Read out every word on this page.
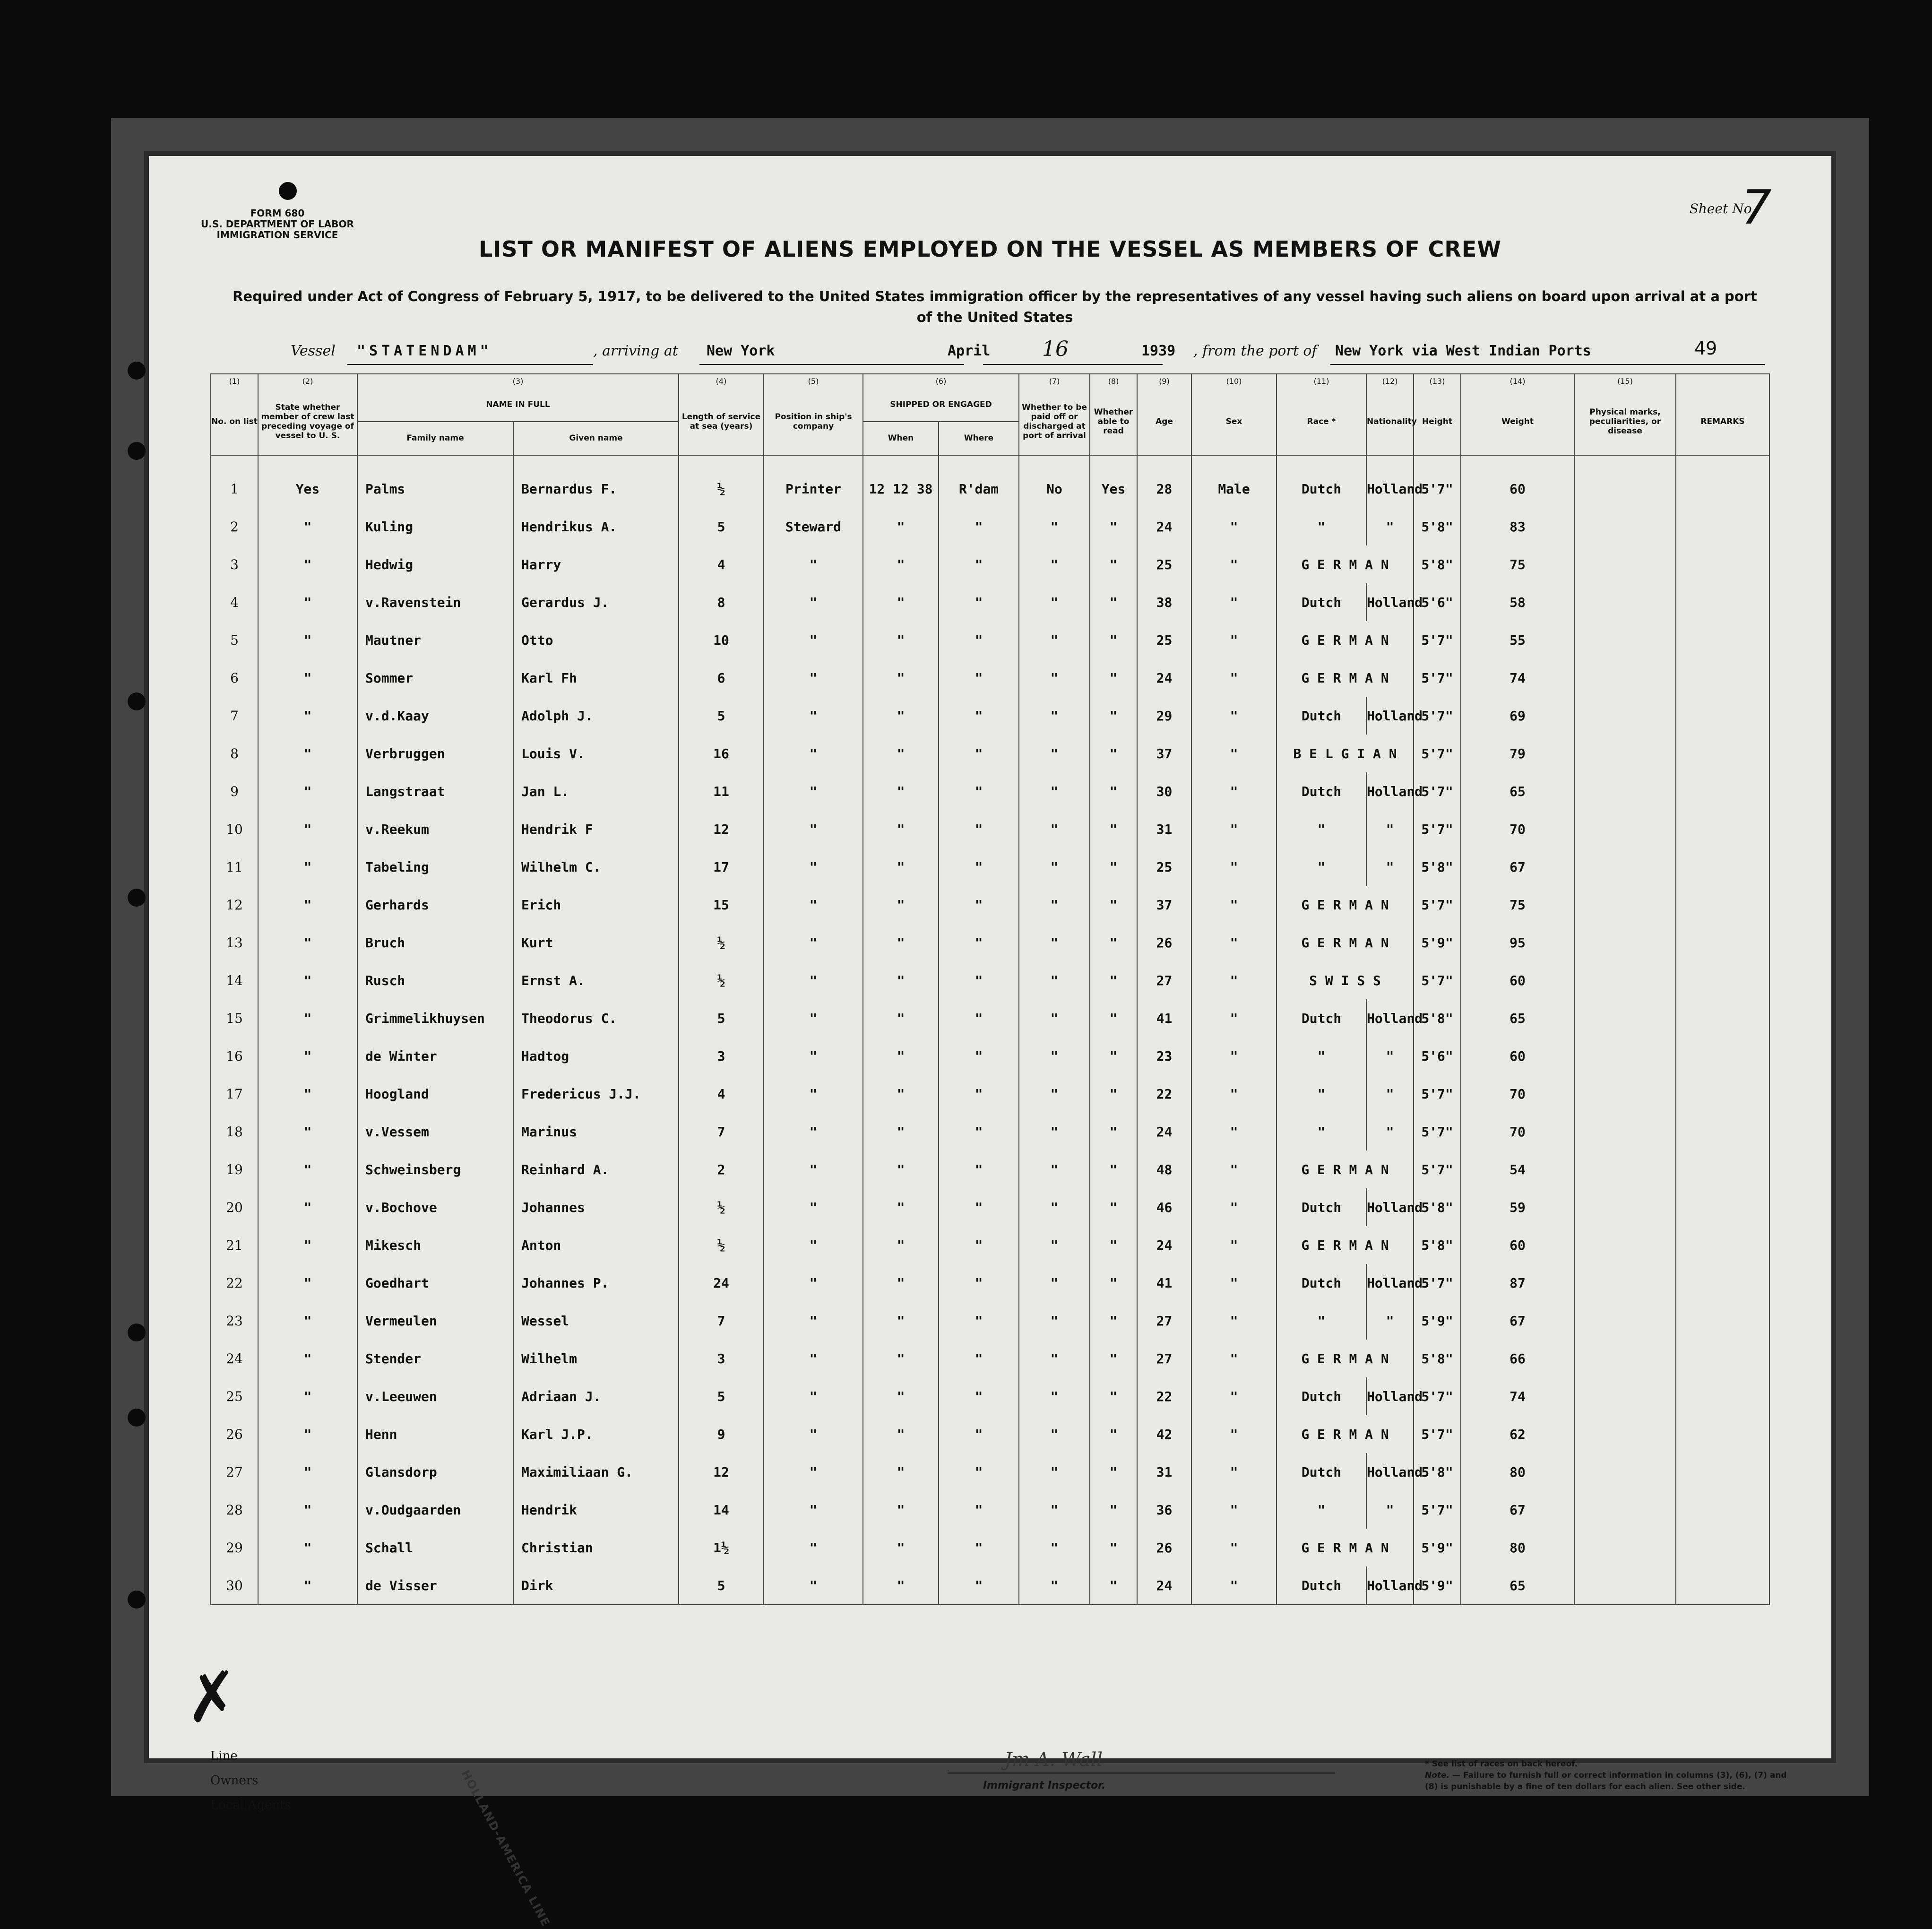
FORM 680
U.S. DEPARTMENT OF LABOR
IMMIGRATION SERVICE
Sheet No.
7
LIST OR MANIFEST OF ALIENS EMPLOYED ON THE VESSEL AS MEMBERS OF CREW
Required under Act of Congress of February 5, 1917, to be delivered to the United States immigration officer by the representatives of any vessel having such aliens on board upon arrival at a port of the United States
Vessel "STATENDAM"	, arriving at New York	April 16	1939 , from the port of New York via West Indian Ports	49
(1)	(2)	(3)		(4)	(5)	(6)		(7)	(8)	(9)	(10)	(11)	(12)	(13)	(14)	(15)	
No. on list	State whether member of crew last preceding voyage of vessel to U. S.	NAME IN FULL		Length of service at sea (years)	Position in ship's company	SHIPPED OR ENGAGED		Whether to be paid off or discharged at port of arrival	Whether able to read	Age	Sex	Race *	Nationality	Height	Weight	Physical marks, peculiarities, or disease	REMARKS
		Family name	Given name			When	Where										
1	Yes	Palms	Bernardus F.	½	Printer	12 12 38	R'dam	No	Yes	28	Male	Dutch	Holland	5'7"	60		
2	"	Kuling	Hendrikus A.	5	Steward	"	"	"	"	24	"	"	"	5'8"	83		
3	"	Hedwig	Harry	4	"	"	"	"	"	25	"	G E R M A N		5'8"	75		
4	"	v.Ravenstein	Gerardus J.	8	"	"	"	"	"	38	"	Dutch	Holland	5'6"	58		
5	"	Mautner	Otto	10	"	"	"	"	"	25	"	G E R M A N		5'7"	55		
6	"	Sommer	Karl Fh	6	"	"	"	"	"	24	"	G E R M A N		5'7"	74		
7	"	v.d.Kaay	Adolph J.	5	"	"	"	"	"	29	"	Dutch	Holland	5'7"	69		
8	"	Verbruggen	Louis V.	16	"	"	"	"	"	37	"	B E L G I A N		5'7"	79		
9	"	Langstraat	Jan L.	11	"	"	"	"	"	30	"	Dutch	Holland	5'7"	65		
10	"	v.Reekum	Hendrik F	12	"	"	"	"	"	31	"	"	"	5'7"	70		
11	"	Tabeling	Wilhelm C.	17	"	"	"	"	"	25	"	"	"	5'8"	67		
12	"	Gerhards	Erich	15	"	"	"	"	"	37	"	G E R M A N		5'7"	75		
13	"	Bruch	Kurt	½	"	"	"	"	"	26	"	G E R M A N		5'9"	95		
14	"	Rusch	Ernst A.	½	"	"	"	"	"	27	"	S W I S S		5'7"	60		
15	"	Grimmelikhuysen	Theodorus C.	5	"	"	"	"	"	41	"	Dutch	Holland	5'8"	65		
16	"	de Winter	Hadtog	3	"	"	"	"	"	23	"	"	"	5'6"	60		
17	"	Hoogland	Fredericus J.J.	4	"	"	"	"	"	22	"	"	"	5'7"	70		
18	"	v.Vessem	Marinus	7	"	"	"	"	"	24	"	"	"	5'7"	70		
19	"	Schweinsberg	Reinhard A.	2	"	"	"	"	"	48	"	G E R M A N		5'7"	54		
20	"	v.Bochove	Johannes	½	"	"	"	"	"	46	"	Dutch	Holland	5'8"	59		
21	"	Mikesch	Anton	½	"	"	"	"	"	24	"	G E R M A N		5'8"	60		
22	"	Goedhart	Johannes P.	24	"	"	"	"	"	41	"	Dutch	Holland	5'7"	87		
23	"	Vermeulen	Wessel	7	"	"	"	"	"	27	"	"	"	5'9"	67		
24	"	Stender	Wilhelm	3	"	"	"	"	"	27	"	G E R M A N		5'8"	66		
25	"	v.Leeuwen	Adriaan J.	5	"	"	"	"	"	22	"	Dutch	Holland	5'7"	74		
26	"	Henn	Karl J.P.	9	"	"	"	"	"	42	"	G E R M A N		5'7"	62		
27	"	Glansdorp	Maximiliaan G.	12	"	"	"	"	"	31	"	Dutch	Holland	5'8"	80		
28	"	v.Oudgaarden	Hendrik	14	"	"	"	"	"	36	"	"	"	5'7"	67		
29	"	Schall	Christian	1½	"	"	"	"	"	26	"	G E R M A N		5'9"	80		
30	"	de Visser	Dirk	5	"	"	"	"	"	24	"	Dutch	Holland	5'9"	65		
✗
Line
Owners
Local Agents	HOLLAND-AMERICA LINE
Jm A. Wall
Immigrant Inspector.
* See list of races on back hereof.
Note. — Failure to furnish full or correct information in columns (3), (6), (7) and (8) is punishable by a fine of ten dollars for each alien. See other side.
